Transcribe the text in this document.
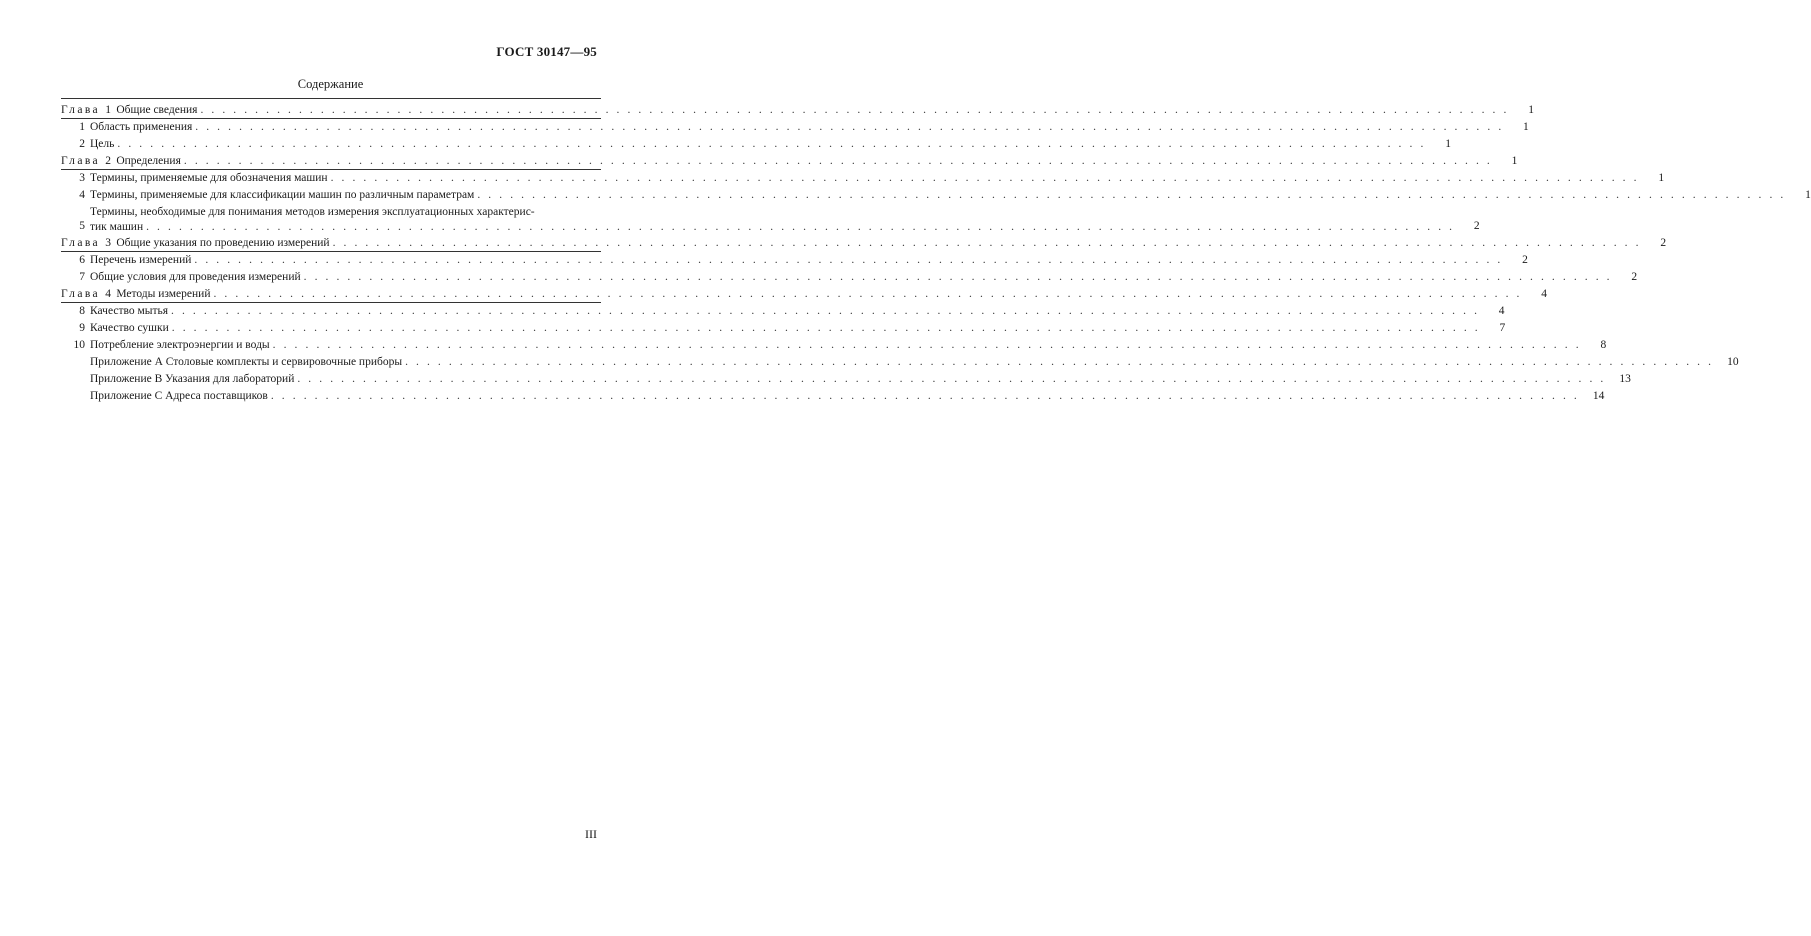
ГОСТ 30147—95
Содержание
Глава 1 Общие сведения . . . . . . . . . . . . . . . . . . . . . . . . . . . . . . . . . . . . . . . . . . . . . . . . . . . . . . . . . . . . . . . . . . . . . . . . . . . . . . . . . . . . . . . . . . . . . . . . . . . . . . . . . . . . . . . . . . . . . . . .	1
1 Область применения . . . . . . . . . . . . . . . . . . . . . . . . . . . . . . . . . . . . . . . . . . . . . . . . . . . . . . . . . . . . . . . . . . . . . . . . . . . . . . . . . . . . . . . . . . . . . . . . . . . . . . . . . . . . . . . . . . . . . . . .	1
2 Цель . . . . . . . . . . . . . . . . . . . . . . . . . . . . . . . . . . . . . . . . . . . . . . . . . . . . . . . . . . . . . . . . . . . . . . . . . . . . . . . . . . . . . . . . . . . . . . . . . . . . . . . . . . . . . . . . . . . . . . . .	1
Глава 2 Определения . . . . . . . . . . . . . . . . . . . . . . . . . . . . . . . . . . . . . . . . . . . . . . . . . . . . . . . . . . . . . . . . . . . . . . . . . . . . . . . . . . . . . . . . . . . . . . . . . . . . . . . . . . . . . . . . . . . . . . . .	1
3 Термины, применяемые для обозначения машин . . . . . . . . . . . . . . . . . . . . . . . . . . . . . . . . . . . . . . . . . . . . . . . . . . . . . . . . . . . . . . . . . . . . . . . . . . . . . . . . . . . . . . . . . . . . . . . . . . . . . . . . . . . . . . . . . . . . . . . .	1
4 Термины, применяемые для классификации машин по различным параметрам . . . . . . . . . . . . . . . . . . . . . . . . . . . . . . . . . . . . . . . . . . . . . . . . . . . . . . . . . . . . . . . . . . . . . . . . . . . . . . . . . . . . . . . . . . . . . . . . . . . . . . . . . . . . . . . . . . . . . . . .	1
5
Термины, необходимые для понимания методов измерения эксплуатационных характерис-
тик машин . . . . . . . . . . . . . . . . . . . . . . . . . . . . . . . . . . . . . . . . . . . . . . . . . . . . . . . . . . . . . . . . . . . . . . . . . . . . . . . . . . . . . . . . . . . . . . . . . . . . . . . . . . . . . . . . . . . . . . . .	2
Глава 3 Общие указания по проведению измерений . . . . . . . . . . . . . . . . . . . . . . . . . . . . . . . . . . . . . . . . . . . . . . . . . . . . . . . . . . . . . . . . . . . . . . . . . . . . . . . . . . . . . . . . . . . . . . . . . . . . . . . . . . . . . . . . . . . . . . . .	2
6 Перечень измерений . . . . . . . . . . . . . . . . . . . . . . . . . . . . . . . . . . . . . . . . . . . . . . . . . . . . . . . . . . . . . . . . . . . . . . . . . . . . . . . . . . . . . . . . . . . . . . . . . . . . . . . . . . . . . . . . . . . . . . . .	2
7 Общие условия для проведения измерений . . . . . . . . . . . . . . . . . . . . . . . . . . . . . . . . . . . . . . . . . . . . . . . . . . . . . . . . . . . . . . . . . . . . . . . . . . . . . . . . . . . . . . . . . . . . . . . . . . . . . . . . . . . . . . . . . . . . . . . .	2
Глава 4 Методы измерений . . . . . . . . . . . . . . . . . . . . . . . . . . . . . . . . . . . . . . . . . . . . . . . . . . . . . . . . . . . . . . . . . . . . . . . . . . . . . . . . . . . . . . . . . . . . . . . . . . . . . . . . . . . . . . . . . . . . . . . .	4
8 Качество мытья . . . . . . . . . . . . . . . . . . . . . . . . . . . . . . . . . . . . . . . . . . . . . . . . . . . . . . . . . . . . . . . . . . . . . . . . . . . . . . . . . . . . . . . . . . . . . . . . . . . . . . . . . . . . . . . . . . . . . . . .	4
9 Качество сушки . . . . . . . . . . . . . . . . . . . . . . . . . . . . . . . . . . . . . . . . . . . . . . . . . . . . . . . . . . . . . . . . . . . . . . . . . . . . . . . . . . . . . . . . . . . . . . . . . . . . . . . . . . . . . . . . . . . . . . . .	7
10 Потребление электроэнергии и воды . . . . . . . . . . . . . . . . . . . . . . . . . . . . . . . . . . . . . . . . . . . . . . . . . . . . . . . . . . . . . . . . . . . . . . . . . . . . . . . . . . . . . . . . . . . . . . . . . . . . . . . . . . . . . . . . . . . . . . . .	8
Приложение А Столовые комплекты и сервировочные приборы . . . . . . . . . . . . . . . . . . . . . . . . . . . . . . . . . . . . . . . . . . . . . . . . . . . . . . . . . . . . . . . . . . . . . . . . . . . . . . . . . . . . . . . . . . . . . . . . . . . . . . . . . . . . . . . . . . . . . . . .	10
Приложение В Указания для лабораторий . . . . . . . . . . . . . . . . . . . . . . . . . . . . . . . . . . . . . . . . . . . . . . . . . . . . . . . . . . . . . . . . . . . . . . . . . . . . . . . . . . . . . . . . . . . . . . . . . . . . . . . . . . . . . . . . . . . . . . . .	13
Приложение С Адреса поставщиков . . . . . . . . . . . . . . . . . . . . . . . . . . . . . . . . . . . . . . . . . . . . . . . . . . . . . . . . . . . . . . . . . . . . . . . . . . . . . . . . . . . . . . . . . . . . . . . . . . . . . . . . . . . . . . . . . . . . . . . .	14
III
